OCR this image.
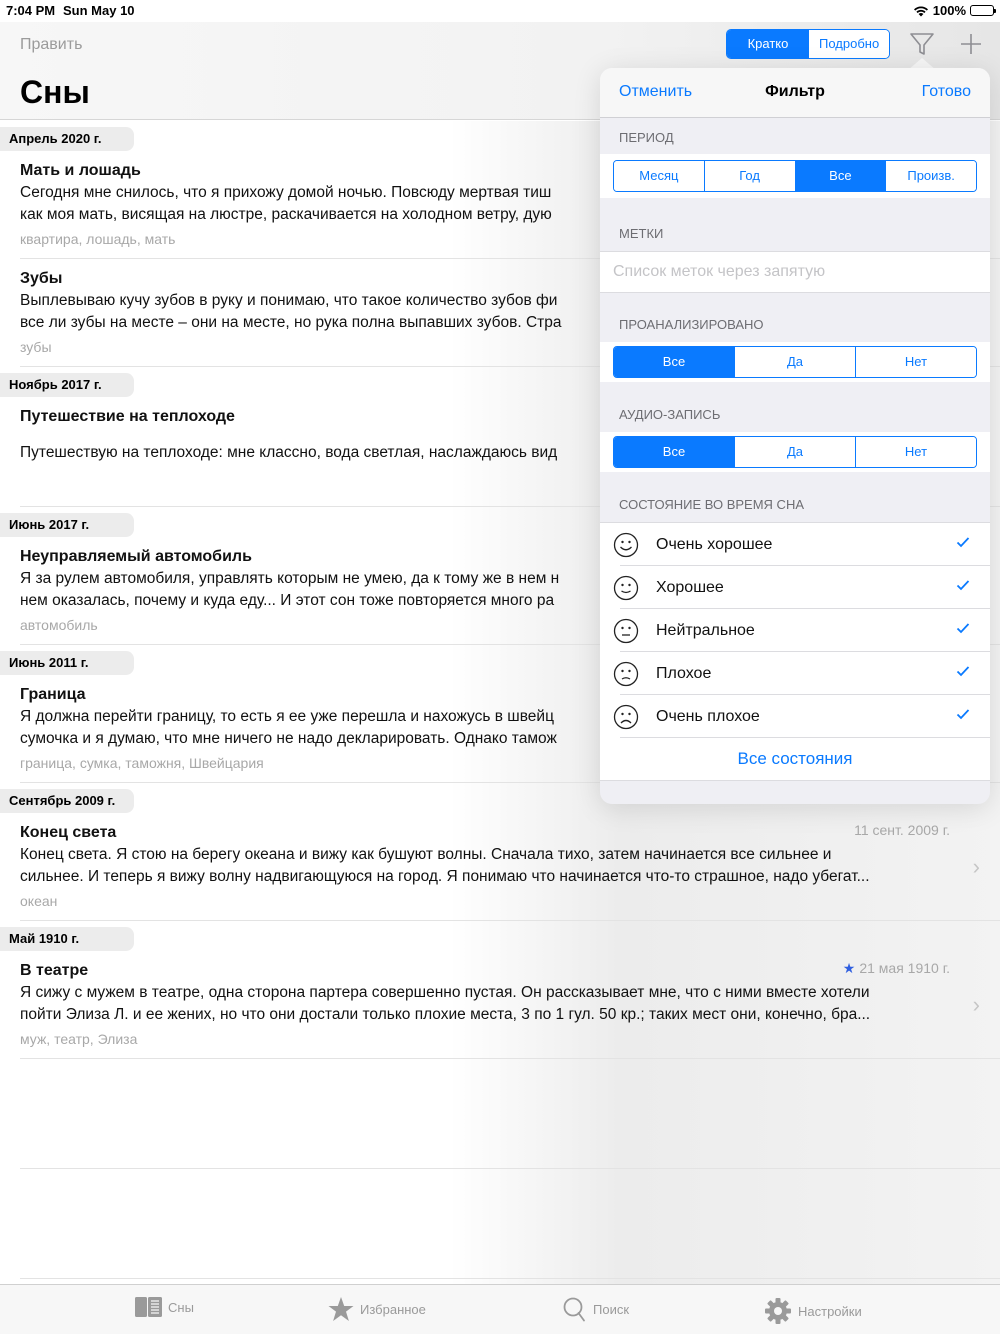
7:04 PM Sun May 10	100%
Править
Сны
Кратко	Подробно
Апрель 2020 г.
Мать и лошадь
Сегодня мне снилось, что я прихожу домой ночью. Повсюду мертвая тиш
как моя мать, висящая на люстре, раскачивается на холодном ветру, дую
квартира, лошадь, мать
Зубы
Выплевываю кучу зубов в руку и понимаю, что такое количество зубов фи
все ли зубы на месте – они на месте, но рука полна выпавших зубов. Стра
зубы
Ноябрь 2017 г.
Путешествие на теплоходе
Путешествую на теплоходе: мне классно, вода светлая, наслаждаюсь вид
Июнь 2017 г.
Неуправляемый автомобиль
Я за рулем автомобиля, управлять которым не умею, да к тому же в нем н
нем оказалась, почему и куда еду... И этот сон тоже повторяется много ра
автомобиль
Июнь 2011 г.
Граница
Я должна перейти границу, то есть я ее уже перешла и нахожусь в швейц
сумочка и я думаю, что мне ничего не надо декларировать. Однако тамож
граница, сумка, таможня, Швейцария
Сентябрь 2009 г.
Конец света	11 сент. 2009 г.
Конец света. Я стою на берегу океана и вижу как бушуют волны. Сначала тихо, затем начинается все сильнее и
сильнее. И теперь я вижу волну надвигающуюся на город. Я понимаю что начинается что-то страшное, надо убегат...
океан
›
Май 1910 г.
В театре	★ 21 мая 1910 г.
Я сижу с мужем в театре, одна сторона партера совершенно пустая. Он рассказывает мне, что с ними вместе хотели
пойти Элиза Л. и ее жених, но что они достали только плохие места, 3 по 1 гул. 50 кр.; таких мест они, конечно, бра...
муж, театр, Элиза
›
Сны	Избранное	Поиск	Настройки
Отменить	Фильтр	Готово
ПЕРИОД
Месяц	Год	Все	Произв.
МЕТКИ
Список меток через запятую
ПРОАНАЛИЗИРОВАНО
Все	Да	Нет
АУДИО-ЗАПИСЬ
Все	Да	Нет
СОСТОЯНИЕ ВО ВРЕМЯ СНА
Очень хорошее
Хорошее
Нейтральное
Плохое
Очень плохое
Все состояния
